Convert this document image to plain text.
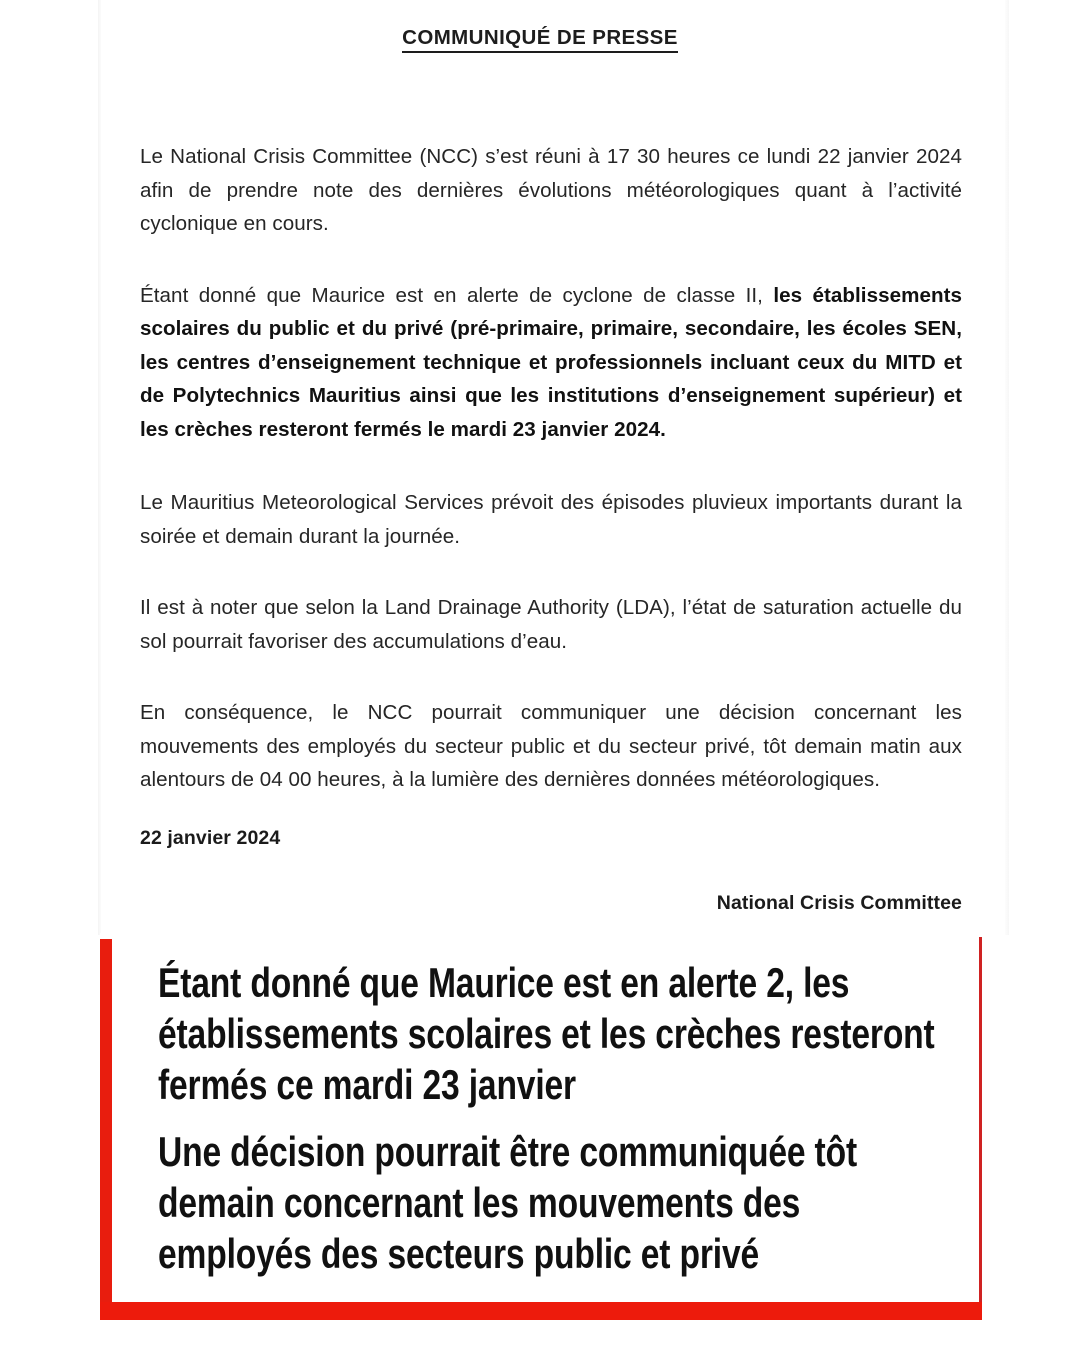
COMMUNIQUÉ DE PRESSE

Le National Crisis Committee (NCC) s’est réuni à 17 30 heures ce lundi 22 janvier 2024 afin de prendre note des dernières évolutions météorologiques quant à l’activité cyclonique en cours.

Étant donné que Maurice est en alerte de cyclone de classe II, les établissements scolaires du public et du privé (pré-primaire, primaire, secondaire, les écoles SEN, les centres d’enseignement technique et professionnels incluant ceux du MITD et de Polytechnics Mauritius ainsi que les institutions d’enseignement supérieur) et les crèches resteront fermés le mardi 23 janvier 2024.

Le Mauritius Meteorological Services prévoit des épisodes pluvieux importants durant la soirée et demain durant la journée.

Il est à noter que selon la Land Drainage Authority (LDA), l’état de saturation actuelle du sol pourrait favoriser des accumulations d’eau.

En conséquence, le NCC pourrait communiquer une décision concernant les mouvements des employés du secteur public et du secteur privé, tôt demain matin aux alentours de 04 00 heures, à la lumière des dernières données météorologiques.

22 janvier 2024
National Crisis Committee

Étant donné que Maurice est en alerte 2, les établissements scolaires et les crèches resteront fermés ce mardi 23 janvier

Une décision pourrait être communiquée tôt demain concernant les mouvements des employés des secteurs public et privé
